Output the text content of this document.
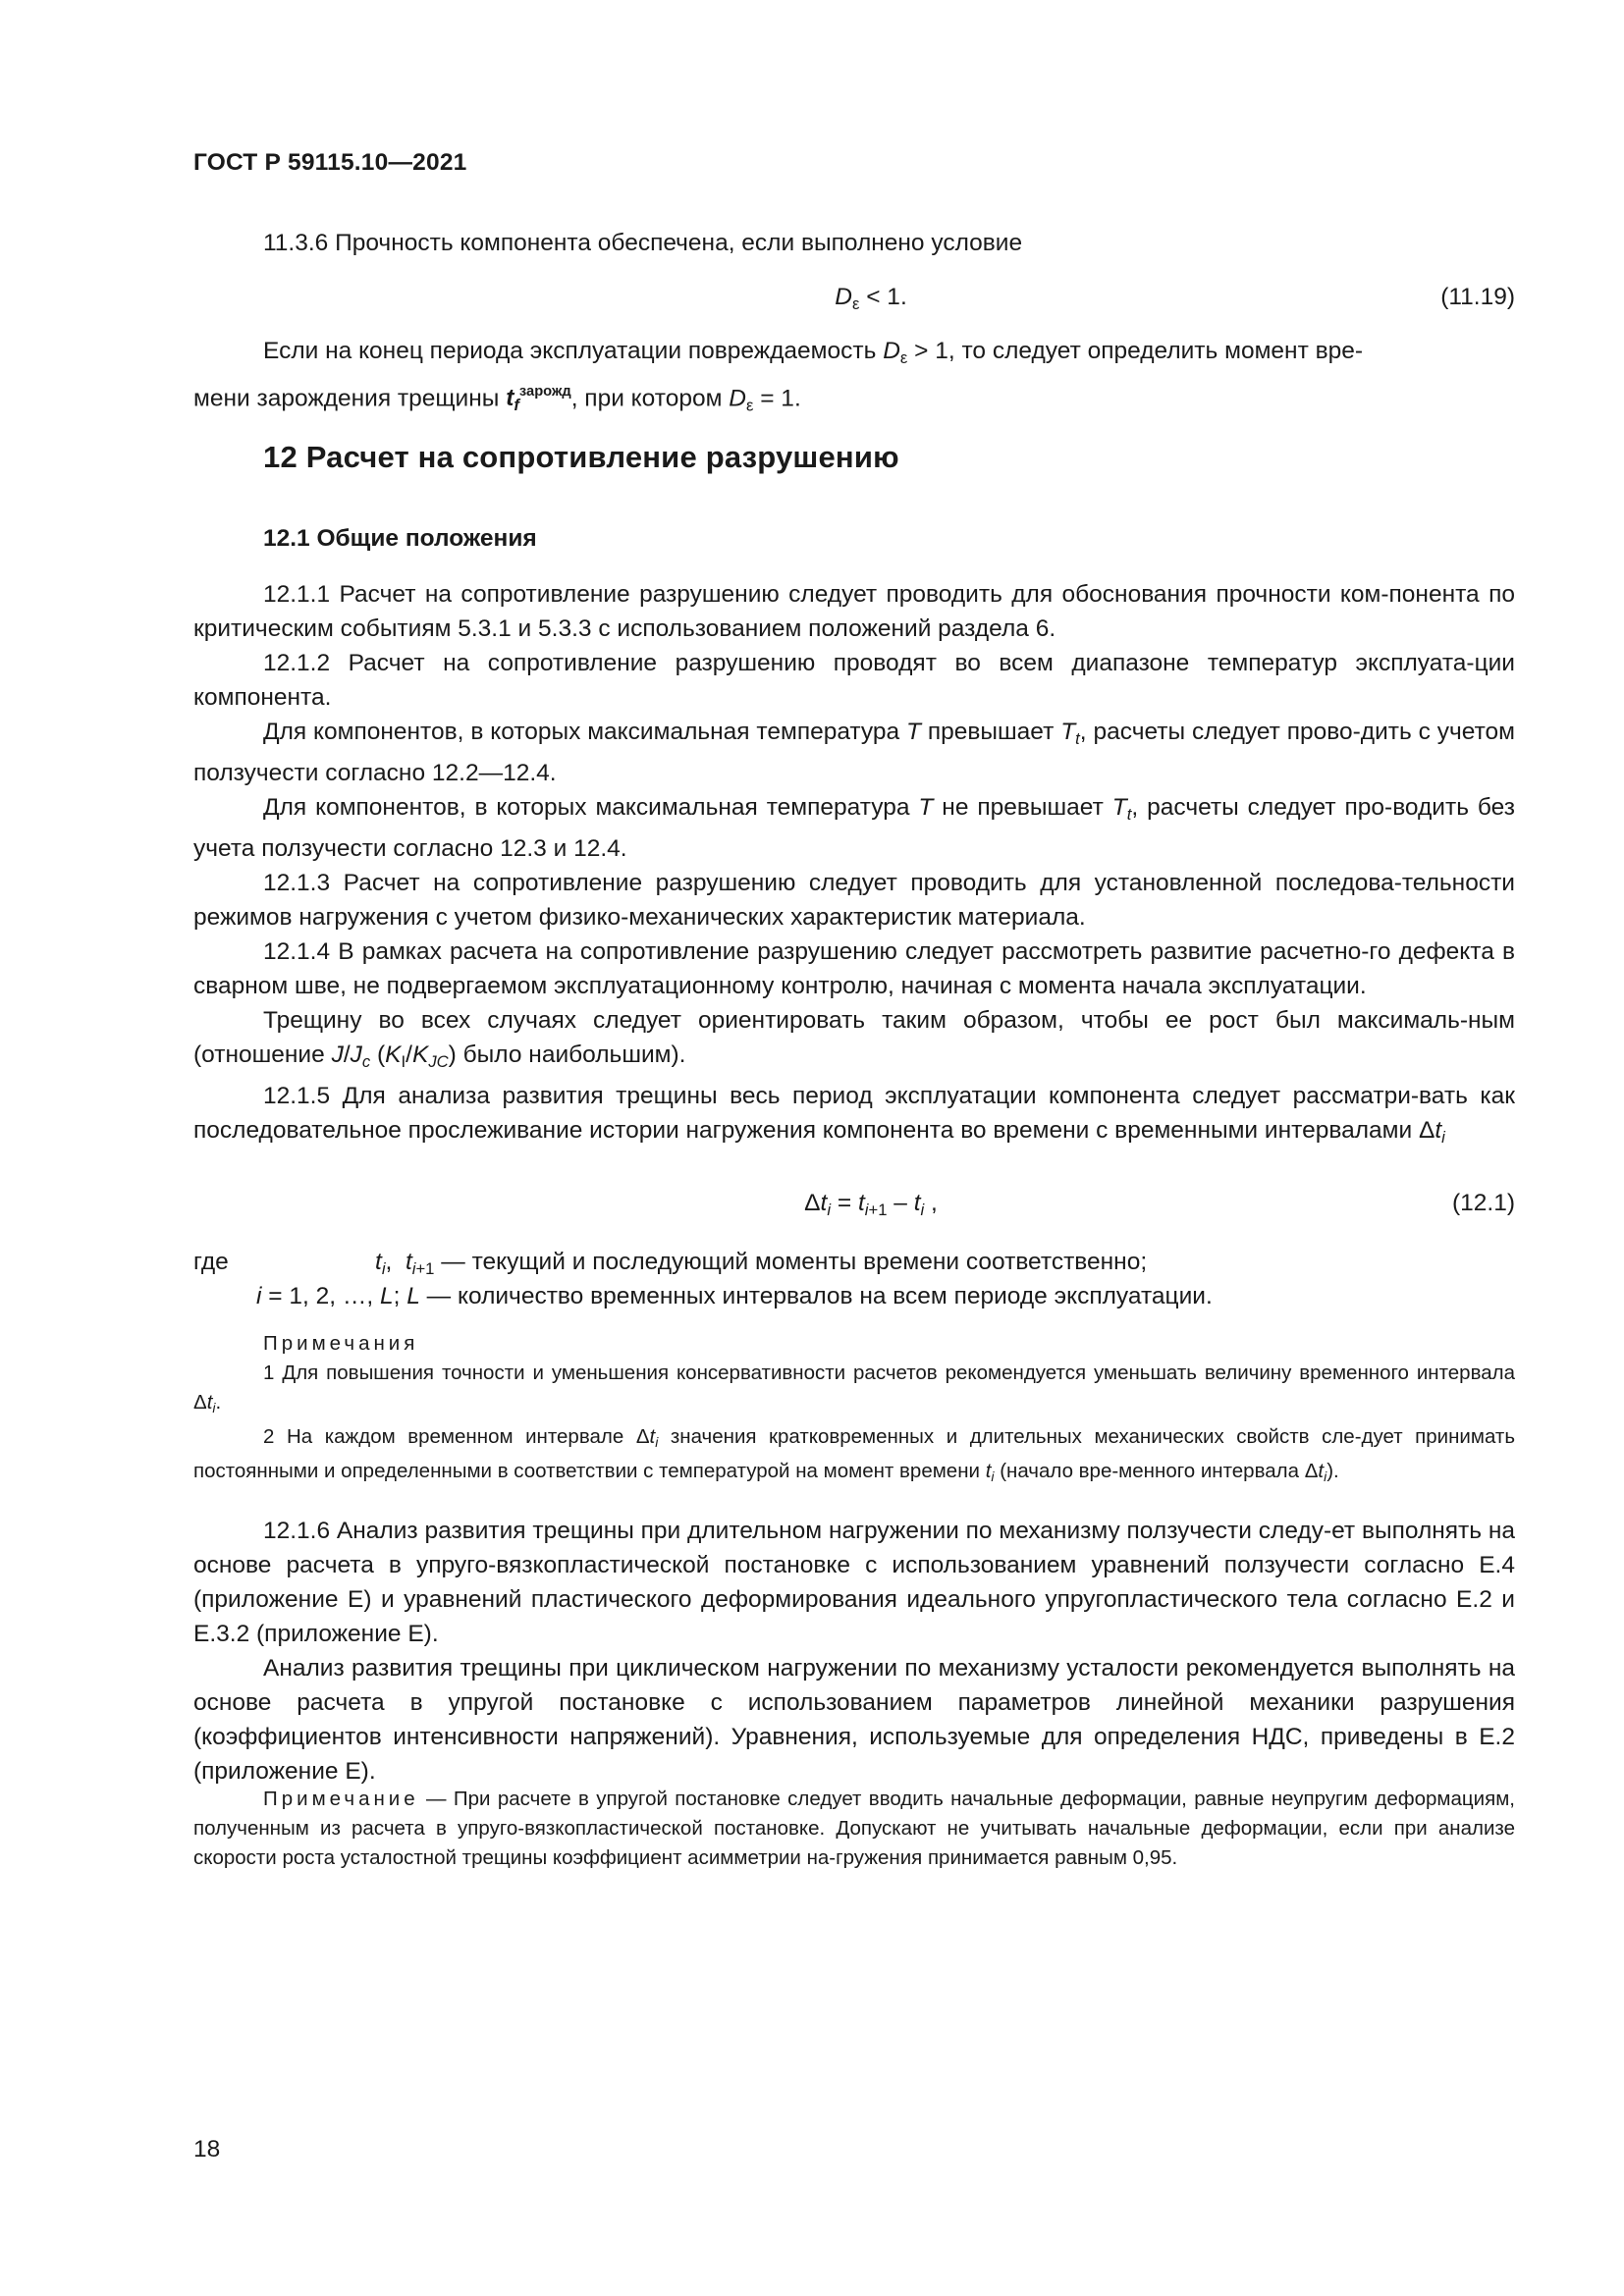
ГОСТ Р 59115.10—2021

11.3.6 Прочность компонента обеспечена, если выполнено условие

$D_\varepsilon < 1$.	(11.19)

Если на конец периода эксплуатации повреждаемость $D_\varepsilon > 1$, то следует определить момент вре-

мени зарождения трещины $t_f^{зарожд}$, при котором $D_\varepsilon = 1$.

12 Расчет на сопротивление разрушению
12.1 Общие положения

12.1.1 Расчет на сопротивление разрушению следует проводить для обоснования прочности ком-понента по критическим событиям 5.3.1 и 5.3.3 с использованием положений раздела 6.

12.1.2 Расчет на сопротивление разрушению проводят во всем диапазоне температур эксплуата-ции компонента.

Для компонентов, в которых максимальная температура T превышает $T_t$, расчеты следует прово-дить с учетом ползучести согласно 12.2—12.4.

Для компонентов, в которых максимальная температура T не превышает $T_t$, расчеты следует про-водить без учета ползучести согласно 12.3 и 12.4.

12.1.3 Расчет на сопротивление разрушению следует проводить для установленной последова-тельности режимов нагружения с учетом физико-механических характеристик материала.

12.1.4 В рамках расчета на сопротивление разрушению следует рассмотреть развитие расчетно-го дефекта в сварном шве, не подвергаемом эксплуатационному контролю, начиная с момента начала эксплуатации.

Трещину во всех случаях следует ориентировать таким образом, чтобы ее рост был максималь-ным (отношение $J/J_c$ $(K_I/K_{JC})$ было наибольшим).

12.1.5 Для анализа развития трещины весь период эксплуатации компонента следует рассматри-вать как последовательное прослеживание истории нагружения компонента во времени с временными интервалами $\Delta t_i$

$\Delta t_i = t_{i+1} - t_i$ ,	(12.1)
где	$t_i$,  $t_{i+1}$ — текущий и последующий моменты времени соответственно;
i = 1, 2, …, L; L — количество временных интервалов на всем периоде эксплуатации.

Примечания

1 Для повышения точности и уменьшения консервативности расчетов рекомендуется уменьшать величину временного интервала $\Delta t_i$.

2 На каждом временном интервале $\Delta t_i$ значения кратковременных и длительных механических свойств сле-дует принимать постоянными и определенными в соответствии с температурой на момент времени $t_i$ (начало вре-менного интервала $\Delta t_i$).

12.1.6 Анализ развития трещины при длительном нагружении по механизму ползучести следу-ет выполнять на основе расчета в упруго-вязкопластической постановке с использованием уравнений ползучести согласно Е.4 (приложение Е) и уравнений пластического деформирования идеального упругопластического тела согласно Е.2 и Е.3.2 (приложение Е).

Анализ развития трещины при циклическом нагружении по механизму усталости рекомендуется выполнять на основе расчета в упругой постановке с использованием параметров линейной механики разрушения (коэффициентов интенсивности напряжений). Уравнения, используемые для определения НДС, приведены в Е.2 (приложение Е).

Примечание — При расчете в упругой постановке следует вводить начальные деформации, равные неупругим деформациям, полученным из расчета в упруго-вязкопластической постановке. Допускают не учитывать начальные деформации, если при анализе скорости роста усталостной трещины коэффициент асимметрии на-гружения принимается равным 0,95.

18
